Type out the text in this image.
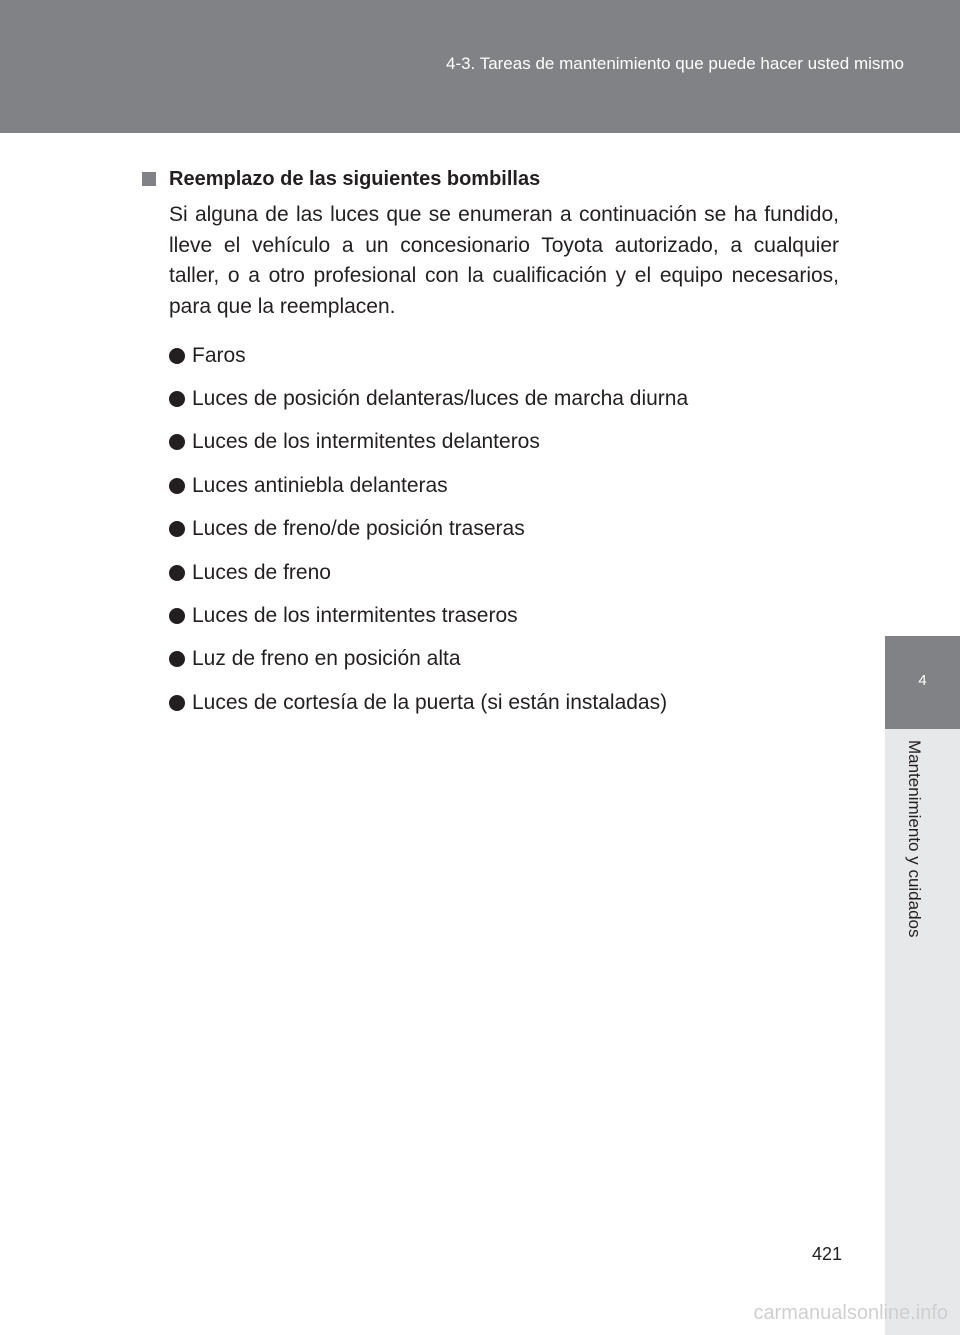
4-3. Tareas de mantenimiento que puede hacer usted mismo
4
Mantenimiento y cuidados
Reemplazo de las siguientes bombillas

Si alguna de las luces que se enumeran a continuación se ha fundido, lleve el vehículo a un concesionario Toyota autorizado, a cualquier taller, o a otro profesional con la cualificación y el equipo necesarios, para que la reemplacen.

Faros
Luces de posición delanteras/luces de marcha diurna
Luces de los intermitentes delanteros
Luces antiniebla delanteras
Luces de freno/de posición traseras
Luces de freno
Luces de los intermitentes traseros
Luz de freno en posición alta
Luces de cortesía de la puerta (si están instaladas)
421
carmanualsonline.info
